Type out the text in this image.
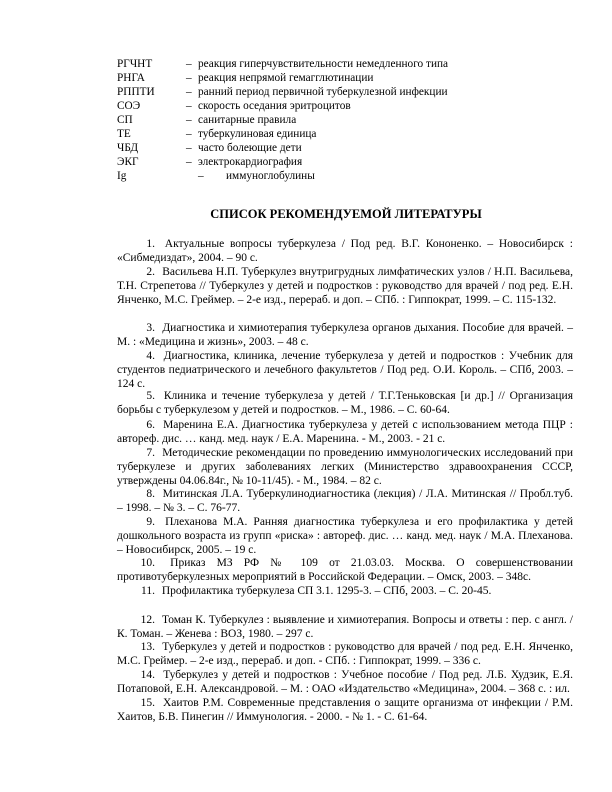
РГЧНТ	– реакция гиперчувствительности немедленного типа
РНГА	– реакция непрямой гемагглютинации
РППТИ	– ранний период первичной туберкулезной инфекции
СОЭ	– скорость оседания эритроцитов
СП	– санитарные правила
ТЕ	– туберкулиновая единица
ЧБД	– часто болеющие дети
ЭКГ	– электрокардиография
Ig	– иммуноглобулины
СПИСОК РЕКОМЕНДУЕМОЙ ЛИТЕРАТУРЫ
1. Актуальные вопросы туберкулеза / Под ред. В.Г. Кононенко. – Новосибирск : «Сибмедиздат», 2004. – 90 с.
2. Васильева Н.П. Туберкулез внутригрудных лимфатических узлов / Н.П. Васильева, Т.Н. Стрепетова // Туберкулез у детей и подростков : руководство для врачей / под ред. Е.Н. Янченко, М.С. Греймер. – 2-е изд., перераб. и доп. – СПб. : Гиппократ, 1999. – С. 115-132.
3. Диагностика и химиотерапия туберкулеза органов дыхания. Пособие для врачей. – М. : «Медицина и жизнь», 2003. – 48 с.
4. Диагностика, клиника, лечение туберкулеза у детей и подростков : Учебник для студентов педиатрического и лечебного факультетов / Под ред. О.И. Король. – СПб, 2003. – 124 с.
5. Клиника и течение туберкулеза у детей / Т.Г.Теньковская [и др.] // Организация борьбы с туберкулезом у детей и подростков. – М., 1986. – С. 60-64.
6. Маренина Е.А. Диагностика туберкулеза у детей с использованием метода ПЦР : автореф. дис. … канд. мед. наук / Е.А. Маренина. - М., 2003. - 21 с.
7. Методические рекомендации по проведению иммунологических исследований при туберкулезе и других заболеваниях легких (Министерство здравоохранения СССР, утверждены 04.06.84г., № 10-11/45). - М., 1984. – 82 с.
8. Митинская Л.А. Туберкулинодиагностика (лекция) / Л.А. Митинская // Пробл.туб. – 1998. – № 3. – С. 76-77.
9. Плеханова М.А. Ранняя диагностика туберкулеза и его профилактика у детей дошкольного возраста из групп «риска» : автореф. дис. … канд. мед. наук / М.А. Плеханова. – Новосибирск, 2005. – 19 с.
10. Приказ МЗ РФ № 109 от 21.03.03. Москва. О совершенствовании противотуберкулезных мероприятий в Российской Федерации. – Омск, 2003. – 348с.
11. Профилактика туберкулеза СП 3.1. 1295-3. – СПб, 2003. – С. 20-45.
12. Томан К. Туберкулез : выявление и химиотерапия. Вопросы и ответы : пер. с англ. / К. Томан. – Женева : ВОЗ, 1980. – 297 с.
13. Туберкулез у детей и подростков : руководство для врачей / под ред. Е.Н. Янченко, М.С. Греймер. – 2-е изд., перераб. и доп. - СПб. : Гиппократ, 1999. – 336 с.
14. Туберкулез у детей и подростков : Учебное пособие / Под ред. Л.Б. Худзик, Е.Я. Потаповой, Е.Н. Александровой. – М. : ОАО «Издательство «Медицина», 2004. – 368 с. : ил.
15. Хаитов Р.М. Современные представления о защите организма от инфекции / Р.М. Хаитов, Б.В. Пинегин // Иммунология. - 2000. - № 1. - С. 61-64.
